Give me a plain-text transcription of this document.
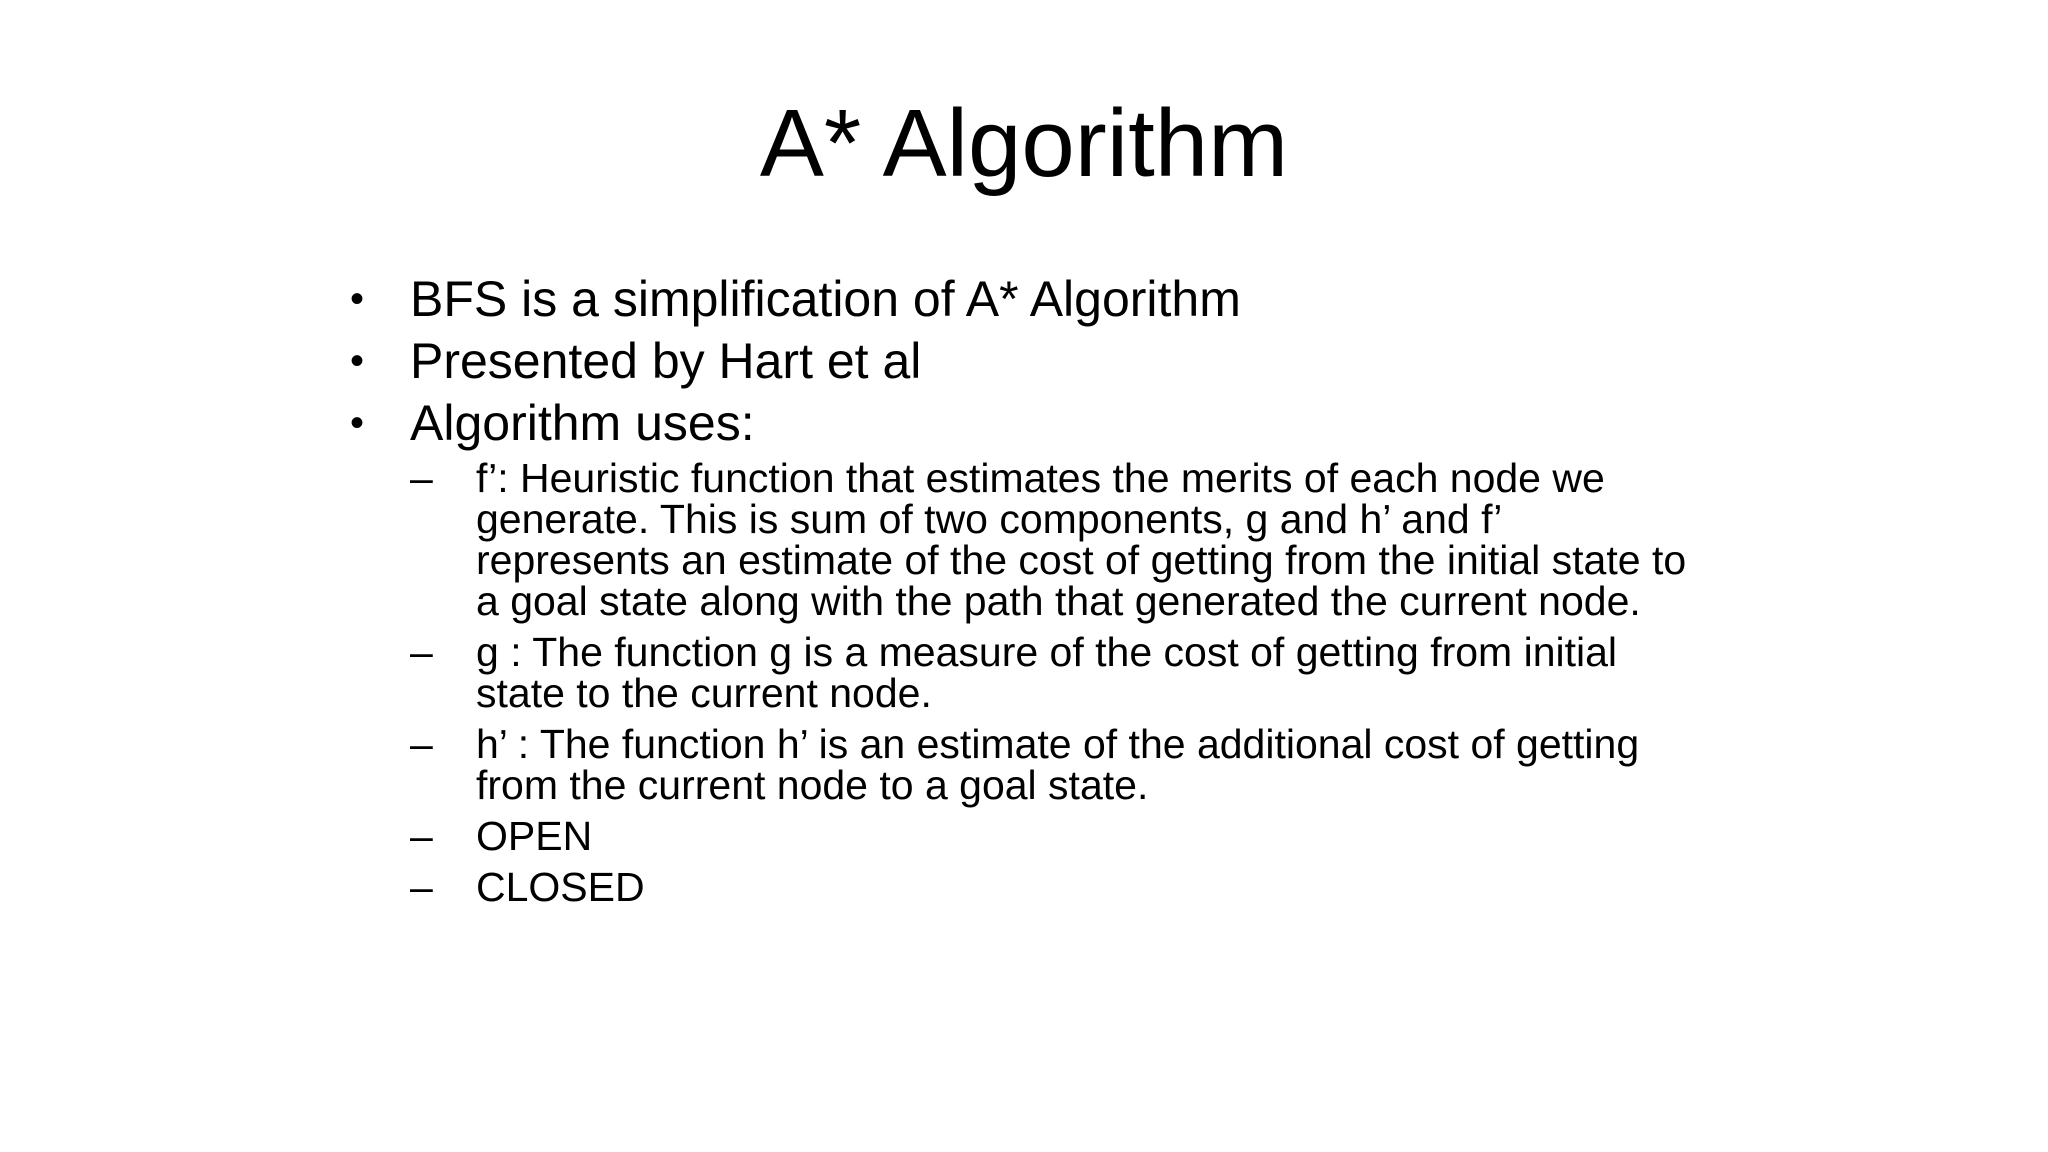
A* Algorithm
• BFS is a simplification of A* Algorithm
• Presented by Hart et al
• Algorithm uses:
–	f’: Heuristic function that estimates the merits of each node we generate. This is sum of two components, g and h’ and f’ represents an estimate of the cost of getting from the initial state to a goal state along with the path that generated the current node.
–	g : The function g is a measure of the cost of getting from initial state to the current node.
–	h’ : The function h’ is an estimate of the additional cost of getting from the current node to a goal state.
–	OPEN
–	CLOSED
